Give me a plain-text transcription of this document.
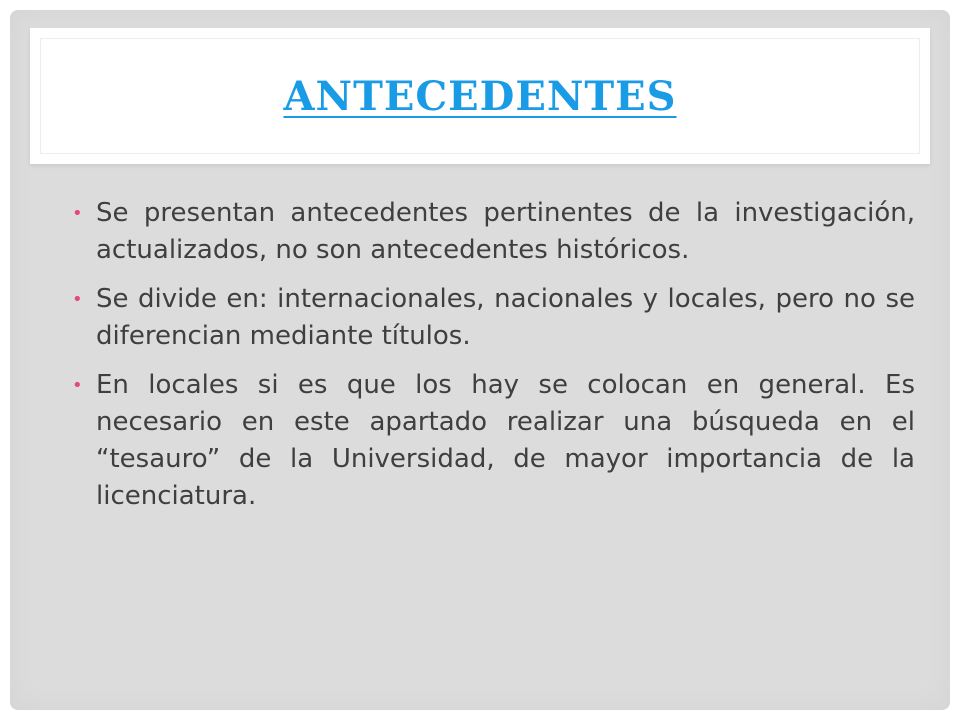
ANTECEDENTES
• Se presentan antecedentes pertinentes de la investigación, actualizados, no son antecedentes históricos.
• Se divide en: internacionales, nacionales y locales, pero no se diferencian mediante títulos.
• En locales si es que los hay se colocan en general. Es necesario en este apartado realizar una búsqueda en el “tesauro” de la Universidad, de mayor importancia de la licenciatura.
